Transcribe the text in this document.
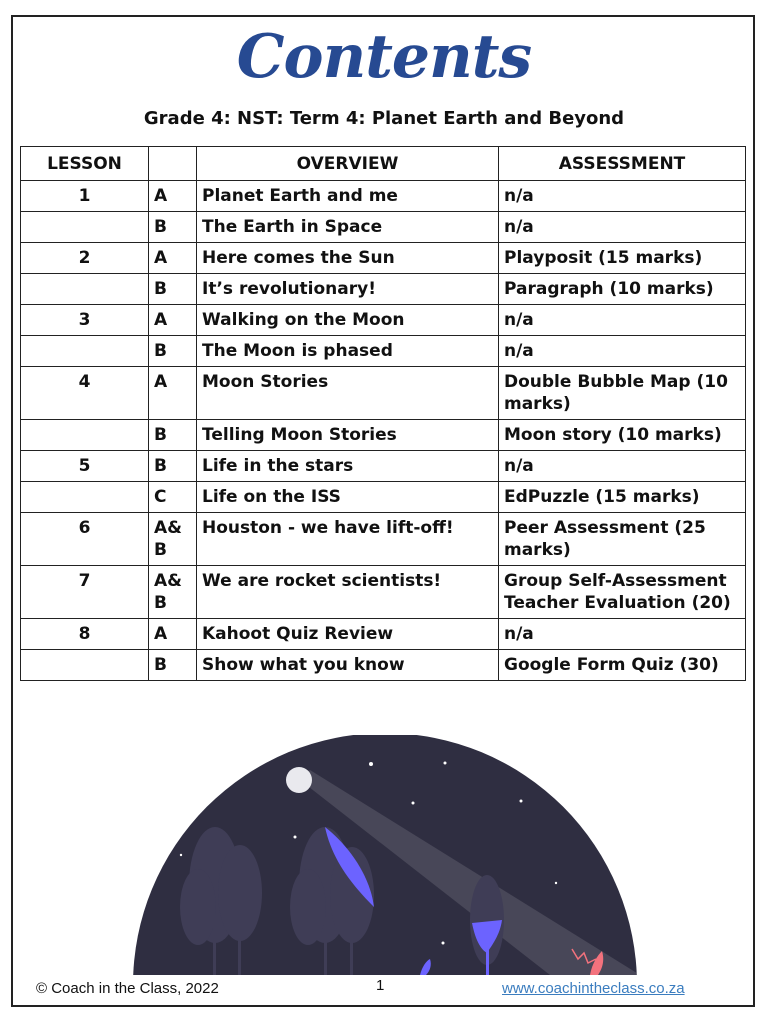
Contents
Grade 4: NST: Term 4: Planet Earth and Beyond
LESSON		OVERVIEW	ASSESSMENT
1	A	Planet Earth and me	n/a
	B	The Earth in Space	n/a
2	A	Here comes the Sun	Playposit (15 marks)
	B	It’s revolutionary!	Paragraph (10 marks)
3	A	Walking on the Moon	n/a
	B	The Moon is phased	n/a
4	A	Moon Stories	Double Bubble Map (10 marks)
	B	Telling Moon Stories	Moon story (10 marks)
5	B	Life in the stars	n/a
	C	Life on the ISS	EdPuzzle (15 marks)
6	A& B	Houston - we have lift-off!	Peer Assessment (25 marks)
7	A& B	We are rocket scientists!	Group Self-Assessment Teacher Evaluation (20)
8	A	Kahoot Quiz Review	n/a
	B	Show what you know	Google Form Quiz (30)
© Coach in the Class, 2022	1	www.coachintheclass.co.za
